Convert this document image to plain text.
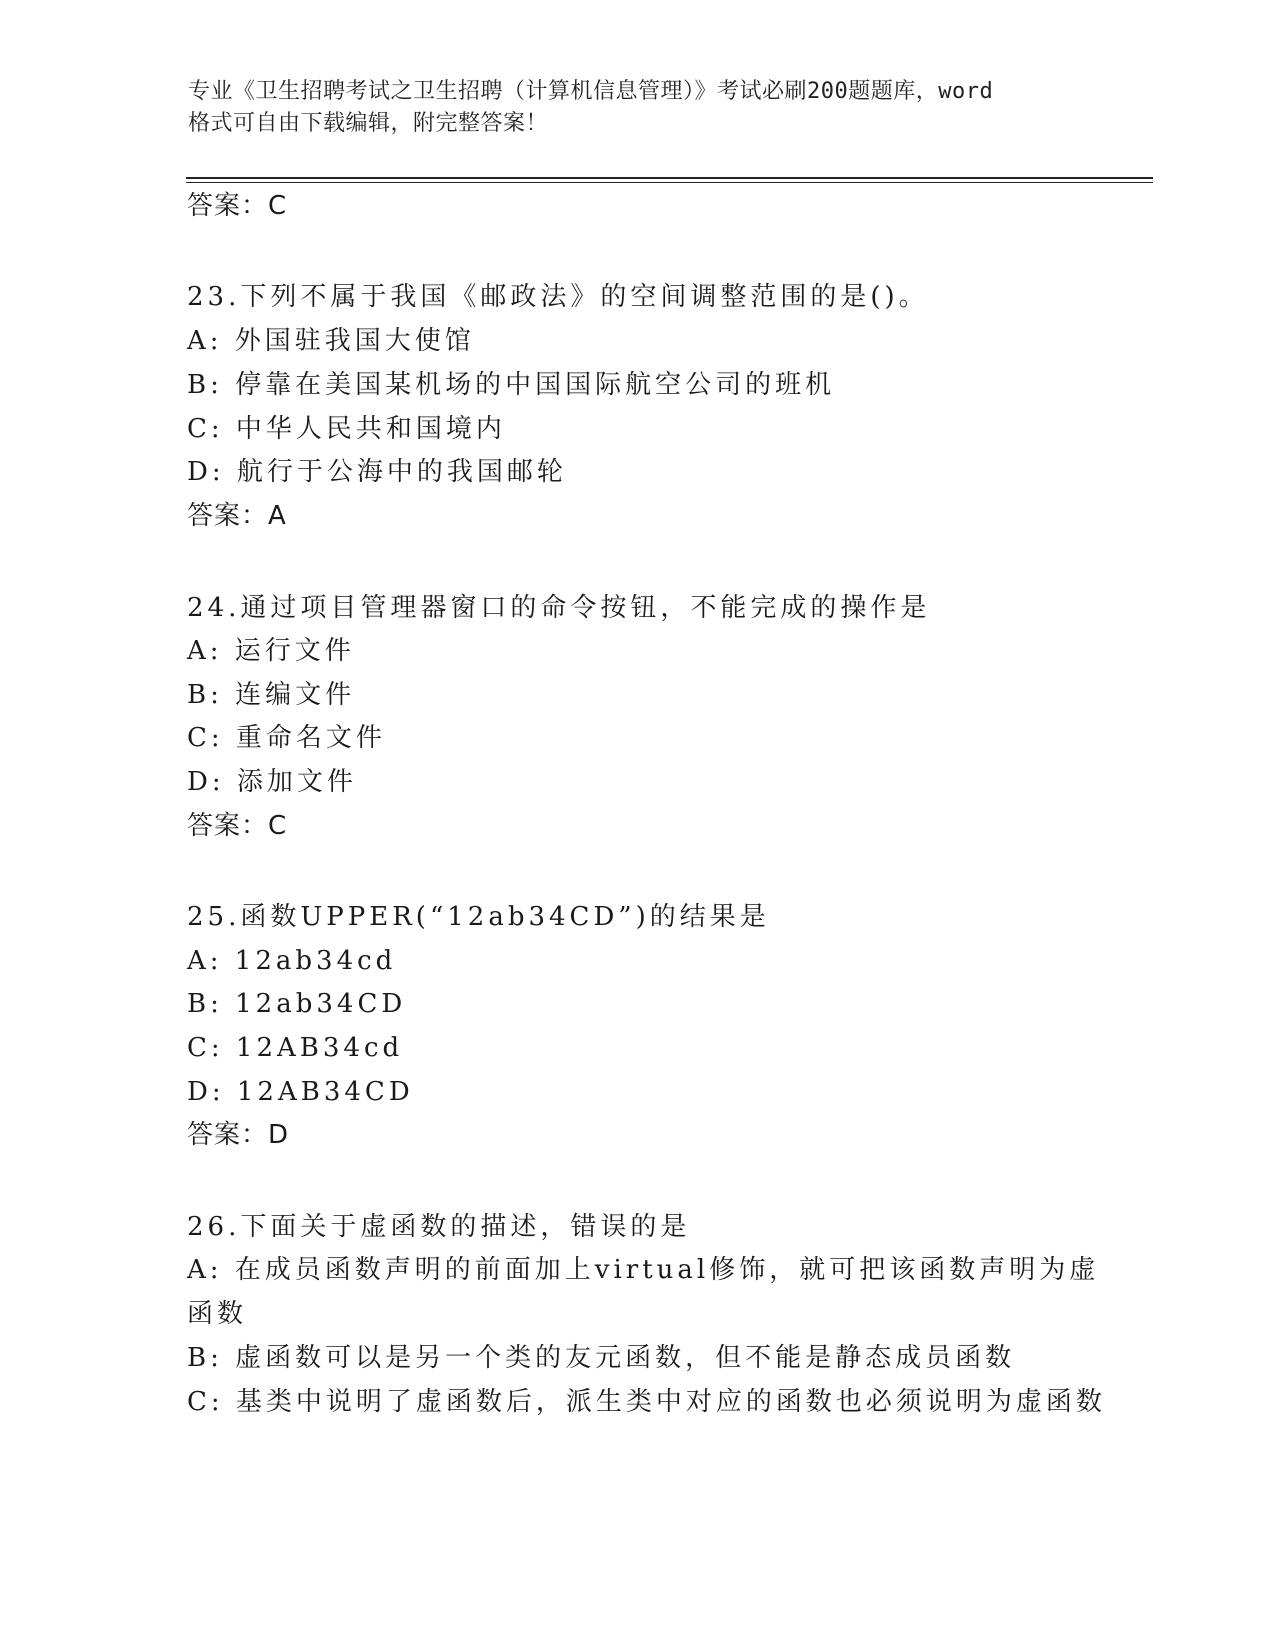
专业《卫生招聘考试之卫生招聘（计算机信息管理）》考试必刷200题题库，word
格式可自由下载编辑，附完整答案！
答案：C
23.下列不属于我国《邮政法》的空间调整范围的是()。
A: 外国驻我国大使馆
B: 停靠在美国某机场的中国国际航空公司的班机
C: 中华人民共和国境内
D: 航行于公海中的我国邮轮
答案：A
24.通过项目管理器窗口的命令按钮，不能完成的操作是
A: 运行文件
B: 连编文件
C: 重命名文件
D: 添加文件
答案：C
25.函数UPPER(“12ab34CD”)的结果是
A: 12ab34cd
B: 12ab34CD
C: 12AB34cd
D: 12AB34CD
答案：D
26.下面关于虚函数的描述，错误的是
A: 在成员函数声明的前面加上virtual修饰，就可把该函数声明为虚
函数
B: 虚函数可以是另一个类的友元函数，但不能是静态成员函数
C: 基类中说明了虚函数后，派生类中对应的函数也必须说明为虚函数
